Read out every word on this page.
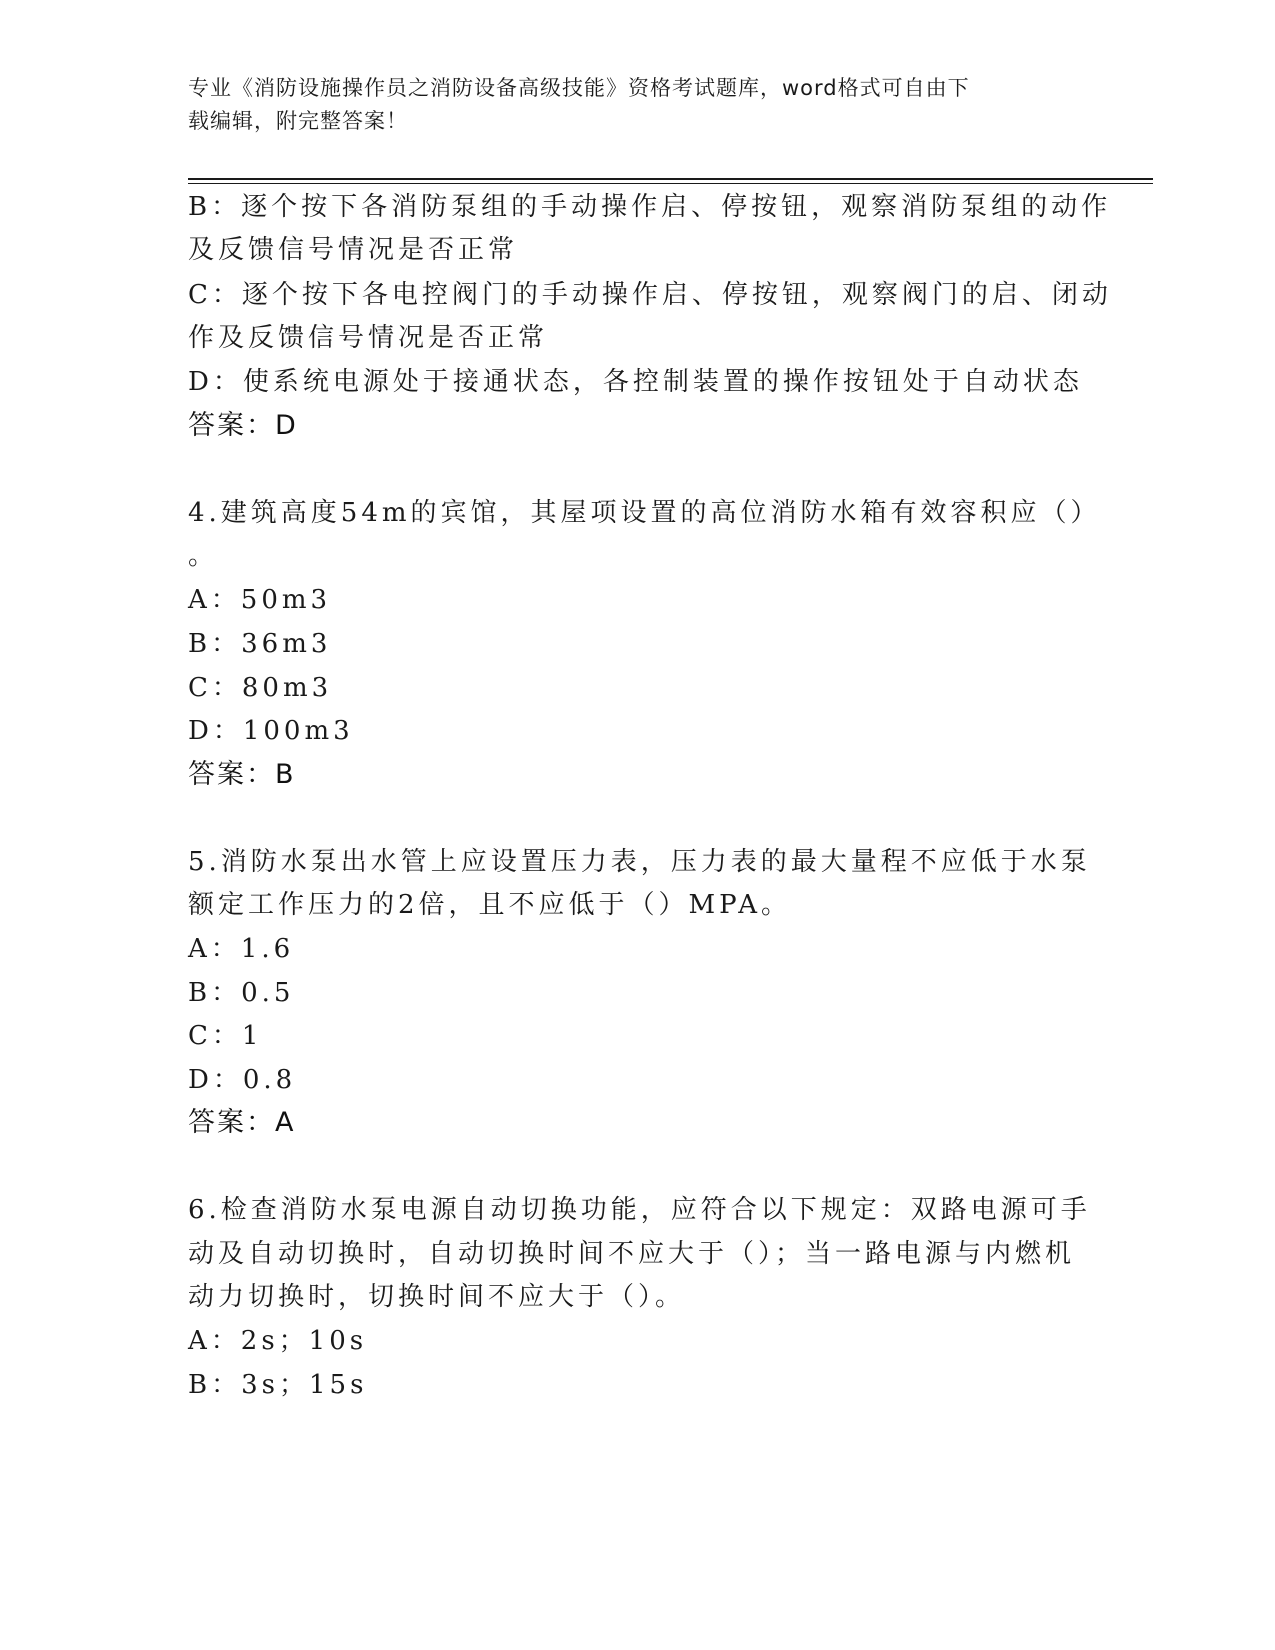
专业《消防设施操作员之消防设备高级技能》资格考试题库，word格式可自由下
载编辑，附完整答案！
B：逐个按下各消防泵组的手动操作启、停按钮，观察消防泵组的动作
及反馈信号情况是否正常
C：逐个按下各电控阀门的手动操作启、停按钮，观察阀门的启、闭动
作及反馈信号情况是否正常
D：使系统电源处于接通状态，各控制装置的操作按钮处于自动状态
答案：D
4.建筑高度54m的宾馆，其屋项设置的高位消防水箱有效容积应（）
。
A：50m3
B：36m3
C：80m3
D：100m3
答案：B
5.消防水泵出水管上应设置压力表，压力表的最大量程不应低于水泵
额定工作压力的2倍，且不应低于（）MPA。
A：1.6
B：0.5
C：1
D：0.8
答案：A
6.检查消防水泵电源自动切换功能，应符合以下规定：双路电源可手
动及自动切换时，自动切换时间不应大于（）；当一路电源与内燃机
动力切换时，切换时间不应大于（）。
A：2s；10s
B：3s；15s
